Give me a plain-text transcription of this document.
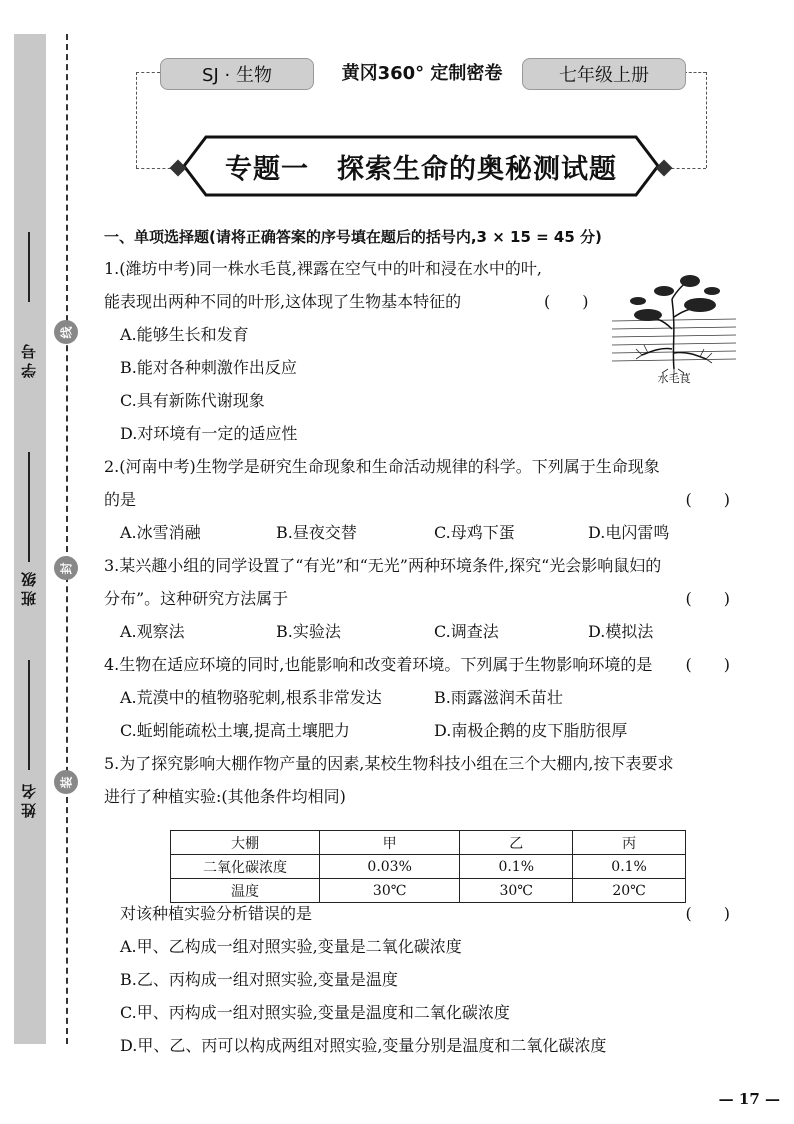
学号
班级
姓名
线
封
装
SJ · 生物	黄冈360° 定制密卷	七年级上册
专题一　探索生命的奥秘测试题
一、单项选择题(请将正确答案的序号填在题后的括号内,3 × 15 = 45 分)
1.(潍坊中考)同一株水毛茛,裸露在空气中的叶和浸在水中的叶,
能表现出两种不同的叶形,这体现了生物基本特征的	(　　)
A.能够生长和发育
B.能对各种刺激作出反应
C.具有新陈代谢现象
D.对环境有一定的适应性
2.(河南中考)生物学是研究生命现象和生命活动规律的科学。下列属于生命现象
的是	(　　)
A.冰雪消融	B.昼夜交替	C.母鸡下蛋	D.电闪雷鸣
3.某兴趣小组的同学设置了“有光”和“无光”两种环境条件,探究“光会影响鼠妇的
分布”。这种研究方法属于	(　　)
A.观察法	B.实验法	C.调查法	D.模拟法
4.生物在适应环境的同时,也能影响和改变着环境。下列属于生物影响环境的是 (　　)
A.荒漠中的植物骆驼刺,根系非常发达	B.雨露滋润禾苗壮
C.蚯蚓能疏松土壤,提高土壤肥力	D.南极企鹅的皮下脂肪很厚
5.为了探究影响大棚作物产量的因素,某校生物科技小组在三个大棚内,按下表要求
进行了种植实验:(其他条件均相同)
对该种植实验分析错误的是	(　　)
A.甲、乙构成一组对照实验,变量是二氧化碳浓度
B.乙、丙构成一组对照实验,变量是温度
C.甲、丙构成一组对照实验,变量是温度和二氧化碳浓度
D.甲、乙、丙可以构成两组对照实验,变量分别是温度和二氧化碳浓度
水毛茛
大棚	甲	乙	丙
二氧化碳浓度	0.03%	0.1%	0.1%
温度	30℃	30℃	20℃
— 17 —
